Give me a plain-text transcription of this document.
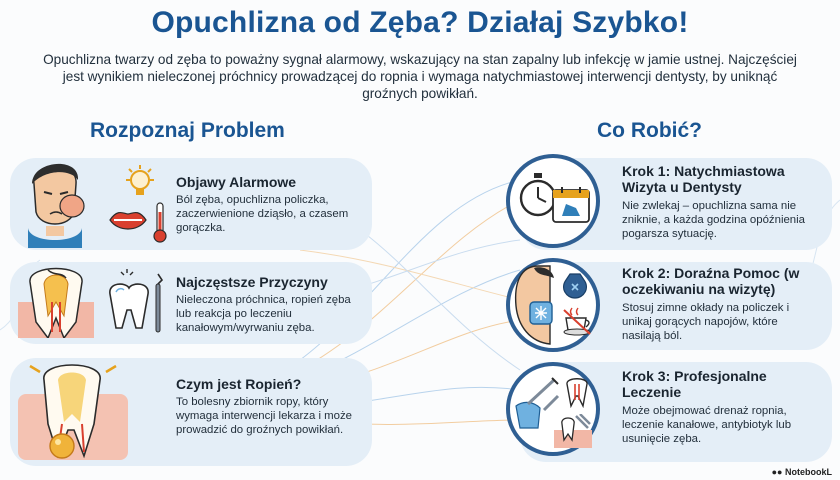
Opuchlizna od Zęba? Działaj Szybko!
Opuchlizna twarzy od zęba to poważny sygnał alarmowy, wskazujący na stan zapalny lub infekcję w jamie ustnej. Najczęściej jest wynikiem nieleczonej próchnicy prowadzącej do ropnia i wymaga natychmiastowej interwencji dentysty, by uniknąć groźnych powikłań.
Rozpoznaj Problem	Co Robić?
Objawy Alarmowe
Ból zęba, opuchlizna policzka, zaczerwienione dziąsło, a czasem gorączka.
Najczęstsze Przyczyny
Nieleczona próchnica, ropień zęba lub reakcja po leczeniu kanałowym/wyrwaniu zęba.
Czym jest Ropień?
To bolesny zbiornik ropy, który wymaga interwencji lekarza i może prowadzić do groźnych powikłań.
Krok 1: Natychmiastowa Wizyta u Dentysty
Nie zwlekaj – opuchlizna sama nie zniknie, a każda godzina opóźnienia pogarsza sytuację.
Krok 2: Doraźna Pomoc (w oczekiwaniu na wizytę)
Stosuj zimne okłady na policzek i unikaj gorących napojów, które nasilają ból.
Krok 3: Profesjonalne Leczenie
Może obejmować drenaż ropnia, leczenie kanałowe, antybiotyk lub usunięcie zęba.
●● NotebookL
